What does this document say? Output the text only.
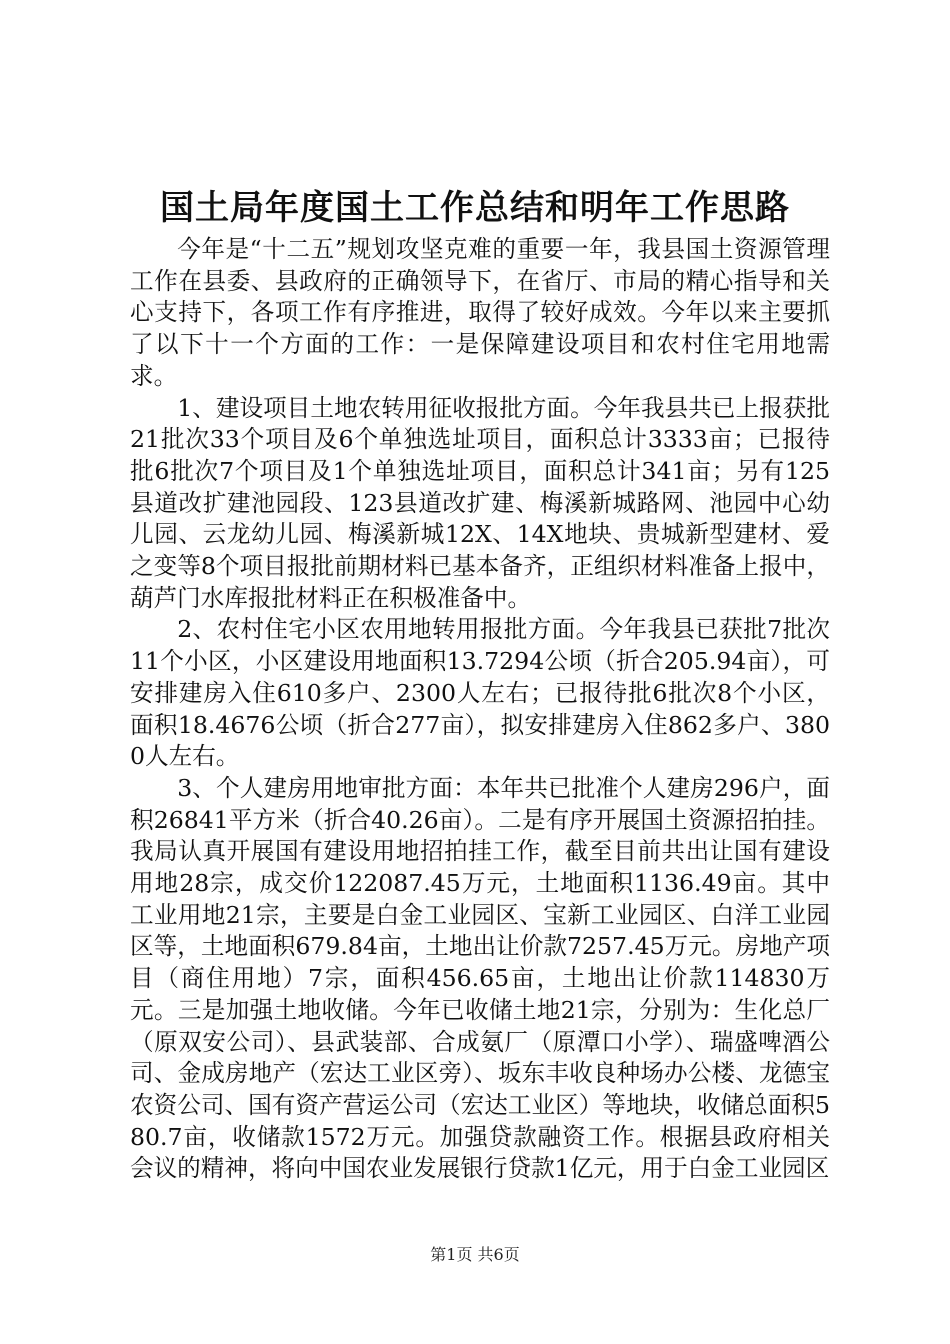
国土局年度国土工作总结和明年工作思路

今年是“十二五”规划攻坚克难的重要一年，我县国土资源管理工作在县委、县政府的正确领导下，在省厅、市局的精心指导和关心支持下，各项工作有序推进，取得了较好成效。今年以来主要抓了以下十一个方面的工作：一是保障建设项目和农村住宅用地需求。

1、建设项目土地农转用征收报批方面。今年我县共已上报获批21批次33个项目及6个单独选址项目，面积总计3333亩；已报待批6批次7个项目及1个单独选址项目，面积总计341亩；另有125县道改扩建池园段、123县道改扩建、梅溪新城路网、池园中心幼儿园、云龙幼儿园、梅溪新城12X、14X地块、贵城新型建材、爱之变等8个项目报批前期材料已基本备齐，正组织材料准备上报中，葫芦门水库报批材料正在积极准备中。

2、农村住宅小区农用地转用报批方面。今年我县已获批7批次11个小区，小区建设用地面积13.7294公顷（折合205.94亩），可安排建房入住610多户、2300人左右；已报待批6批次8个小区，面积18.4676公顷（折合277亩），拟安排建房入住862多户、3800人左右。

3、个人建房用地审批方面：本年共已批准个人建房296户，面积26841平方米（折合40.26亩）。二是有序开展国土资源招拍挂。我局认真开展国有建设用地招拍挂工作，截至目前共出让国有建设用地28宗，成交价122087.45万元，土地面积1136.49亩。其中工业用地21宗，主要是白金工业园区、宝新工业园区、白洋工业园区等，土地面积679.84亩，土地出让价款7257.45万元。房地产项目（商住用地）7宗，面积456.65亩，土地出让价款114830万元。三是加强土地收储。今年已收储土地21宗，分别为：生化总厂（原双安公司）、县武装部、合成氨厂（原潭口小学）、瑞盛啤酒公司、金成房地产（宏达工业区旁）、坂东丰收良种场办公楼、龙德宝农资公司、国有资产营运公司（宏达工业区）等地块，收储总面积580.7亩，收储款1572万元。加强贷款融资工作。根据县政府相关会议的精神，将向中国农业发展银行贷款1亿元，用于白金工业园区

第1页 共6页
